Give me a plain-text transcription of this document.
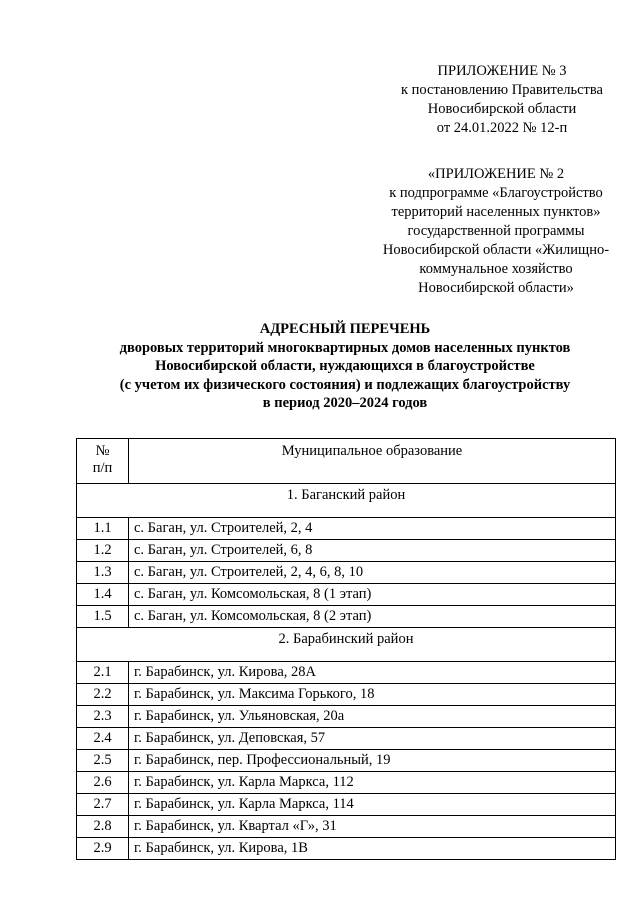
ПРИЛОЖЕНИЕ № 3
к постановлению Правительства
Новосибирской области
от 24.01.2022 № 12-п
«ПРИЛОЖЕНИЕ № 2
к подпрограмме «Благоустройство
территорий населенных пунктов»
государственной программы
Новосибирской области «Жилищно-
коммунальное хозяйство
Новосибирской области»
АДРЕСНЫЙ ПЕРЕЧЕНЬ
дворовых территорий многоквартирных домов населенных пунктов
Новосибирской области, нуждающихся в благоустройстве
(с учетом их физического состояния) и подлежащих благоустройству
в период 2020–2024 годов
№
п/п	Муниципальное образование
1. Баганский район	
1.1	с. Баган, ул. Строителей, 2, 4
1.2	с. Баган, ул. Строителей, 6, 8
1.3	с. Баган, ул. Строителей, 2, 4, 6, 8, 10
1.4	с. Баган, ул. Комсомольская, 8 (1 этап)
1.5	с. Баган, ул. Комсомольская, 8 (2 этап)
2. Барабинский район	
2.1	г. Барабинск, ул. Кирова, 28А
2.2	г. Барабинск, ул. Максима Горького, 18
2.3	г. Барабинск, ул. Ульяновская, 20а
2.4	г. Барабинск, ул. Деповская, 57
2.5	г. Барабинск, пер. Профессиональный, 19
2.6	г. Барабинск, ул. Карла Маркса, 112
2.7	г. Барабинск, ул. Карла Маркса, 114
2.8	г. Барабинск, ул. Квартал «Г», 31
2.9	г. Барабинск, ул. Кирова, 1В
